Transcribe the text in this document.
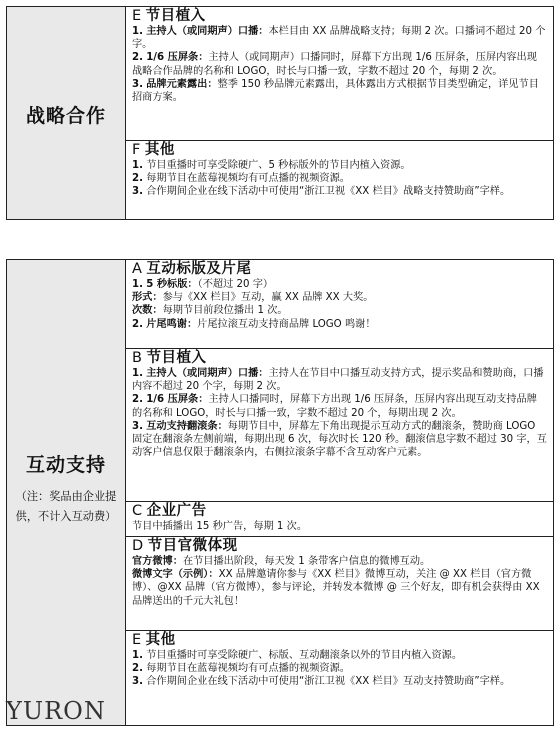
战略合作
E 节目植入

1. 主持人（或同期声）口播：本栏目由 XX 品牌战略支持；每期 2 次。口播词不超过 20 个字。

2. 1/6 压屏条：主持人（或同期声）口播同时，屏幕下方出现 1/6 压屏条，压屏内容出现战略合作品牌的名称和 LOGO，时长与口播一致，字数不超过 20 个，每期 2 次。

3. 品牌元素露出：整季 150 秒品牌元素露出，具体露出方式根据节目类型确定，详见节目招商方案。

F 其他

1. 节目重播时可享受除硬广、5 秒标版外的节目内植入资源。

2. 每期节目在蓝莓视频均有可点播的视频资源。

3. 合作期间企业在线下活动中可使用“浙江卫视《XX 栏目》战略支持赞助商”字样。

互动支持
（注：奖品由企业提供，不计入互动费）
A 互动标版及片尾

1. 5 秒标版：（不超过 20 字）

形式：参与《XX 栏目》互动，赢 XX 品牌 XX 大奖。

次数：每期节目前段位播出 1 次。

2. 片尾鸣谢：片尾拉滚互动支持商品牌 LOGO 鸣谢！

B 节目植入

1. 主持人（或同期声）口播：主持人在节目中口播互动支持方式，提示奖品和赞助商，口播内容不超过 20 个字，每期 2 次。

2. 1/6 压屏条：主持人口播同时，屏幕下方出现 1/6 压屏条，压屏内容出现互动支持品牌的名称和 LOGO，时长与口播一致，字数不超过 20 个，每期出现 2 次。

3. 互动支持翻滚条：每期节目中，屏幕左下角出现提示互动方式的翻滚条，赞助商 LOGO 固定在翻滚条左侧前端，每期出现 6 次，每次时长 120 秒。翻滚信息字数不超过 30 字，互动客户信息仅限于翻滚条内，右侧拉滚条字幕不含互动客户元素。

C 企业广告

节目中插播出 15 秒广告，每期 1 次。

D 节目官微体现

官方微博：在节目播出阶段，每天发 1 条带客户信息的微博互动。

微博文字（示例）：XX 品牌邀请你参与《XX 栏目》微博互动，关注 @ XX 栏目（官方微博）、@XX 品牌（官方微博），参与评论，并转发本微博 @ 三个好友，即有机会获得由 XX 品牌送出的千元大礼包！

E 其他

1. 节目重播时可享受除硬广、标版、互动翻滚条以外的节目内植入资源。

2. 每期节目在蓝莓视频均有可点播的视频资源。

3. 合作期间企业在线下活动中可使用“浙江卫视《XX 栏目》互动支持赞助商”字样。

YURON
